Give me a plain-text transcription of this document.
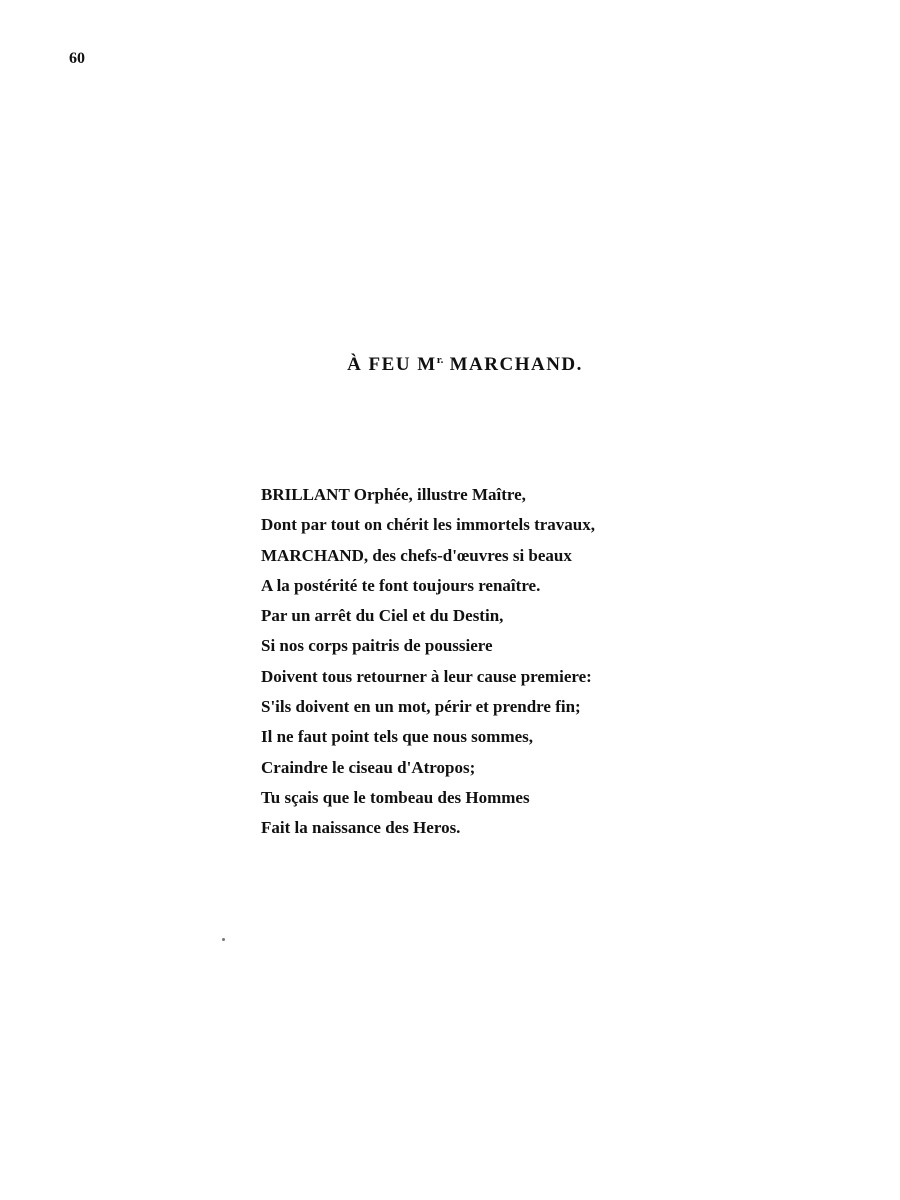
60
À FEU $M^{r.}$ MARCHAND.
BRILLANT Orphée, illustre Maître,
Dont par tout on chérit les immortels travaux,
MARCHAND, des chefs-d'œuvres si beaux
A la postérité te font toujours renaître.
Par un arrêt du Ciel et du Destin,
Si nos corps paitris de poussiere
Doivent tous retourner à leur cause premiere:
S'ils doivent en un mot, périr et prendre fin;
Il ne faut point tels que nous sommes,
Craindre le ciseau d'Atropos;
Tu sçais que le tombeau des Hommes
Fait la naissance des Heros.
